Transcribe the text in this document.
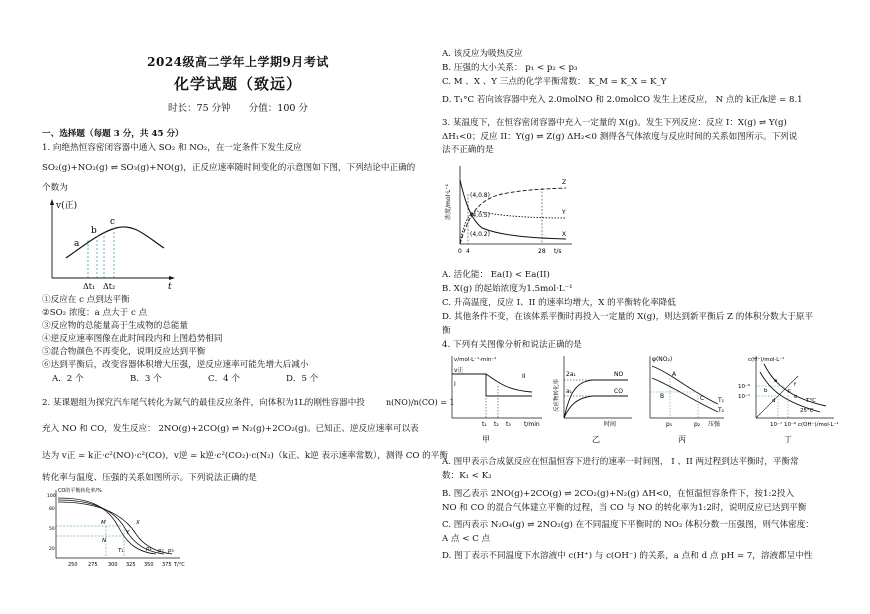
2024级高二学年上学期9月考试
化学试题（致远）
时长：75 分钟      分值：100 分
一、选择题（每题 3 分，共 45 分）
1. 向绝热恒容密闭容器中通入 SO₂ 和 NO₂，在一定条件下发生反应
SO₂(g)+NO₂(g) ⇌ SO₃(g)+NO(g)，正反应速率随时间变化的示意图如下图，下列结论中正确的
个数为
v(正)
t
a
b
c
Δt₁ Δt₂
①反应在 c 点到达平衡
②SO₂ 浓度：a 点大于 c 点
③反应物的总能量高于生成物的总能量
④逆反应速率图像在此时间段内和上图趋势相同
⑤混合物颜色不再变化，说明反应达到平衡
⑥达到平衡后，改变容器体积增大压强，逆反应速率可能先增大后减小
A．2 个	B．3 个	C．4 个	D．5 个
2. 某课题组为探究汽车尾气转化为氮气的最佳反应条件，向体积为1L的刚性容器中投	n(NO)/n(CO) = 1
充入 NO 和 CO，发生反应： 2NO(g)+2CO(g) ⇌ N₂(g)+2CO₂(g)。已知正、逆反应速率可以表
达为 v正 = k正·c²(NO)·c²(CO)，v逆 = k逆·c²(CO₂)·c(N₂)（k正、k逆 表示速率常数），测得 CO 的平衡
转化率与温度、压强的关系如图所示。下列说法正确的是
CO的平衡转化率/%
100
80
50
20
M	X
Y
N
T₁	p₁ p₂ p₃
250 275 300 325 350 375 T/°C
A. 该反应为吸热反应
B. 压强的大小关系： p₁ < p₂ < p₃
C. M 、X 、Y 三点的化学平衡常数： K_M = K_X = K_Y
D. T₁°C 若向该容器中充入 2.0molNO 和 2.0molCO 发生上述反应， N 点的 k正/k逆 = 8.1
3. 某温度下，在恒容密闭容器中充入一定量的 X(g)。发生下列反应：反应 I：X(g) ⇌ Y(g)
ΔH₁<0；反应 II：Y(g) ⇌ Z(g) ΔH₂<0 测得各气体浓度与反应时间的关系如图所示。下列说
法不正确的是
浓度/mol·L⁻¹	(4,0.8)
(4,0.5)
(4,0.2)
Z
Y
X
0 4	28 t/s
A. 活化能： Ea(I) < Ea(II)
B. X(g) 的起始浓度为1.5mol·L⁻¹
C. 升高温度，反应 I、II 的速率均增大，X 的平衡转化率降低
D. 其他条件不变，在该体系平衡时再投入一定量的 X(g)，则达到新平衡后 Z 的体积分数大于原平
衡
4. 下列有关图像分析和说法正确的是
v/mol·L⁻¹·min⁻¹
v正
I
II
t₁ t₂ t₃ t/min
甲
反应物转化率
2a₁
a₁
NO
CO
时间
乙
φ(NO₂)
A
B	C T₁
T₂
p₁	p₂ 压强
丙
c(H⁺)/mol·L⁻¹
10⁻⁶
10⁻⁷
a
b	c
d
e
f
25°C
T°C
10⁻⁷ 10⁻⁶ c(OH⁻)/mol·L⁻¹
丁
A. 图甲表示合成氨反应在恒温恒容下进行的速率一时间图， I 、II 两过程到达平衡时，平衡常
数：K₁ < K₂
B. 图乙表示 2NO(g)+2CO(g) ⇌ 2CO₂(g)+N₂(g) ΔH<0，在恒温恒容条件下，按1:2投入
NO 和 CO 的混合气体建立平衡的过程，当 CO 与 NO 的转化率为1:2时，说明反应已达到平衡
C. 图丙表示 N₂O₄(g) ⇌ 2NO₂(g) 在不同温度下平衡时的 NO₂ 体积分数一压强图，则气体密度：
A 点 < C 点
D. 图丁表示不同温度下水溶液中 c(H⁺) 与 c(OH⁻) 的关系，a 点和 d 点 pH = 7，溶液都呈中性
